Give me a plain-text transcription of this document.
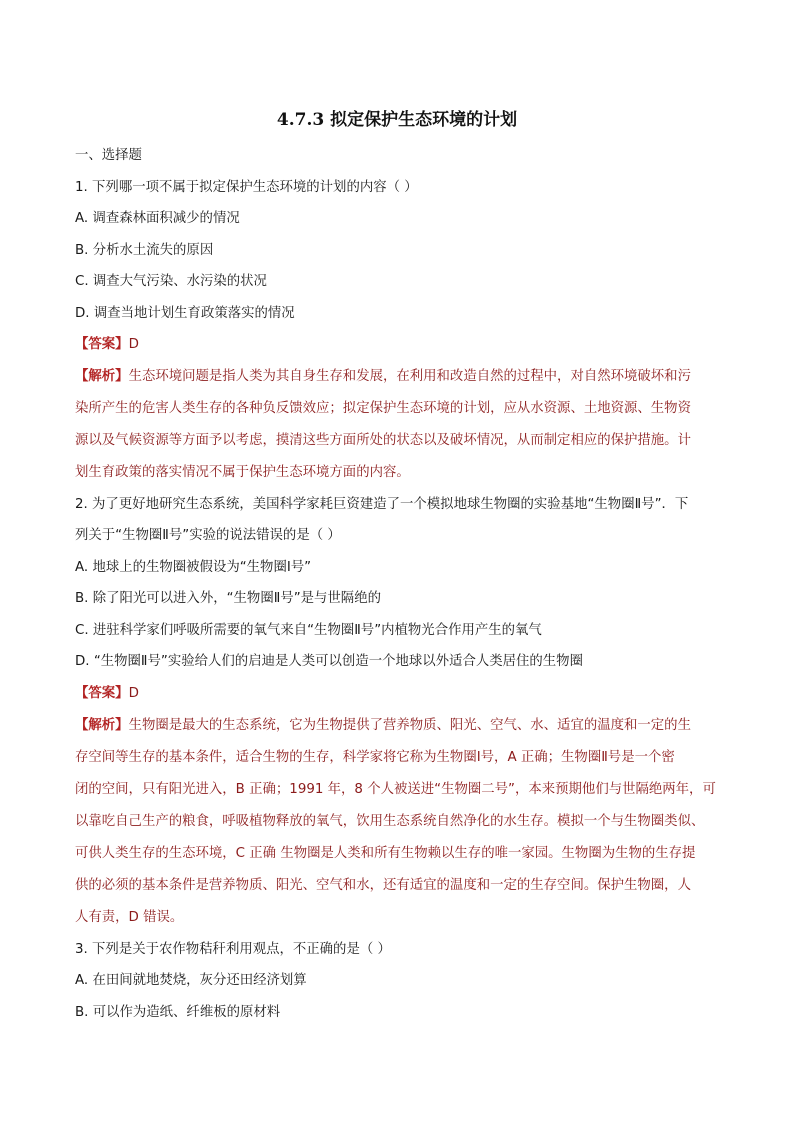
4.7.3 拟定保护生态环境的计划
一、选择题
1. 下列哪一项不属于拟定保护生态环境的计划的内容（ ）
A. 调查森林面积减少的情况
B. 分析水土流失的原因
C. 调查大气污染、水污染的状况
D. 调查当地计划生育政策落实的情况
【答案】D
【解析】生态环境问题是指人类为其自身生存和发展，在利用和改造自然的过程中，对自然环境破坏和污
染所产生的危害人类生存的各种负反馈效应；拟定保护生态环境的计划，应从水资源、土地资源、生物资
源以及气候资源等方面予以考虑，摸清这些方面所处的状态以及破坏情况，从而制定相应的保护措施。计
划生育政策的落实情况不属于保护生态环境方面的内容。
2. 为了更好地研究生态系统，美国科学家耗巨资建造了一个模拟地球生物圈的实验基地“生物圈Ⅱ号”．下
列关于“生物圈Ⅱ号”实验的说法错误的是（ ）
A. 地球上的生物圈被假设为“生物圈Ⅰ号”
B. 除了阳光可以进入外，“生物圈Ⅱ号”是与世隔绝的
C. 进驻科学家们呼吸所需要的氧气来自“生物圈Ⅱ号”内植物光合作用产生的氧气
D. “生物圈Ⅱ号”实验给人们的启迪是人类可以创造一个地球以外适合人类居住的生物圈
【答案】D
【解析】生物圈是最大的生态系统，它为生物提供了营养物质、阳光、空气、水、适宜的温度和一定的生
存空间等生存的基本条件，适合生物的生存，科学家将它称为生物圈Ⅰ号，A 正确；生物圈Ⅱ号是一个密
闭的空间，只有阳光进入，B 正确；1991 年，8 个人被送进“生物圈二号”，本来预期他们与世隔绝两年，可
以靠吃自己生产的粮食，呼吸植物释放的氧气，饮用生态系统自然净化的水生存。模拟一个与生物圈类似、
可供人类生存的生态环境，C 正确 生物圈是人类和所有生物赖以生存的唯一家园。生物圈为生物的生存提
供的必须的基本条件是营养物质、阳光、空气和水，还有适宜的温度和一定的生存空间。保护生物圈，人
人有责，D 错误。
3. 下列是关于农作物秸秆利用观点，不正确的是（ ）
A. 在田间就地焚烧，灰分还田经济划算
B. 可以作为造纸、纤维板的原材料
